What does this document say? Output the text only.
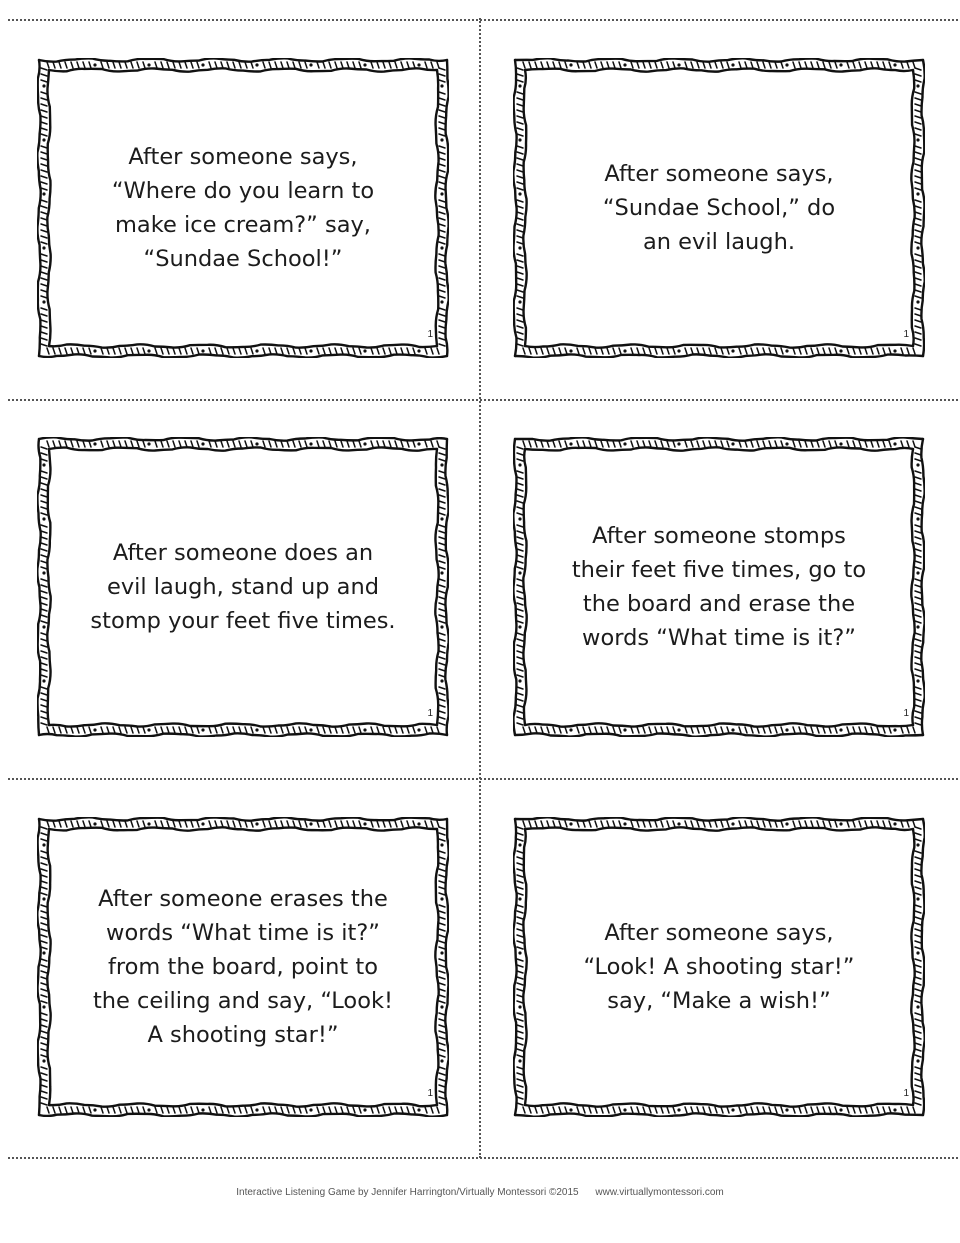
After someone says,
“Where do you learn to
make ice cream?” say,
“Sundae School!”
1
After someone says,
“Sundae School,” do
an evil laugh.
1
After someone does an
evil laugh, stand up and
stomp your feet five times.
1
After someone stomps
their feet five times, go to
the board and erase the
words “What time is it?”
1
After someone erases the
words “What time is it?”
from the board, point to
the ceiling and say, “Look!
A shooting star!”
1
After someone says,
“Look! A shooting star!”
say, “Make a wish!”
1
Interactive Listening Game by Jennifer Harrington/Virtually Montessori ©2015 www.virtuallymontessori.com
